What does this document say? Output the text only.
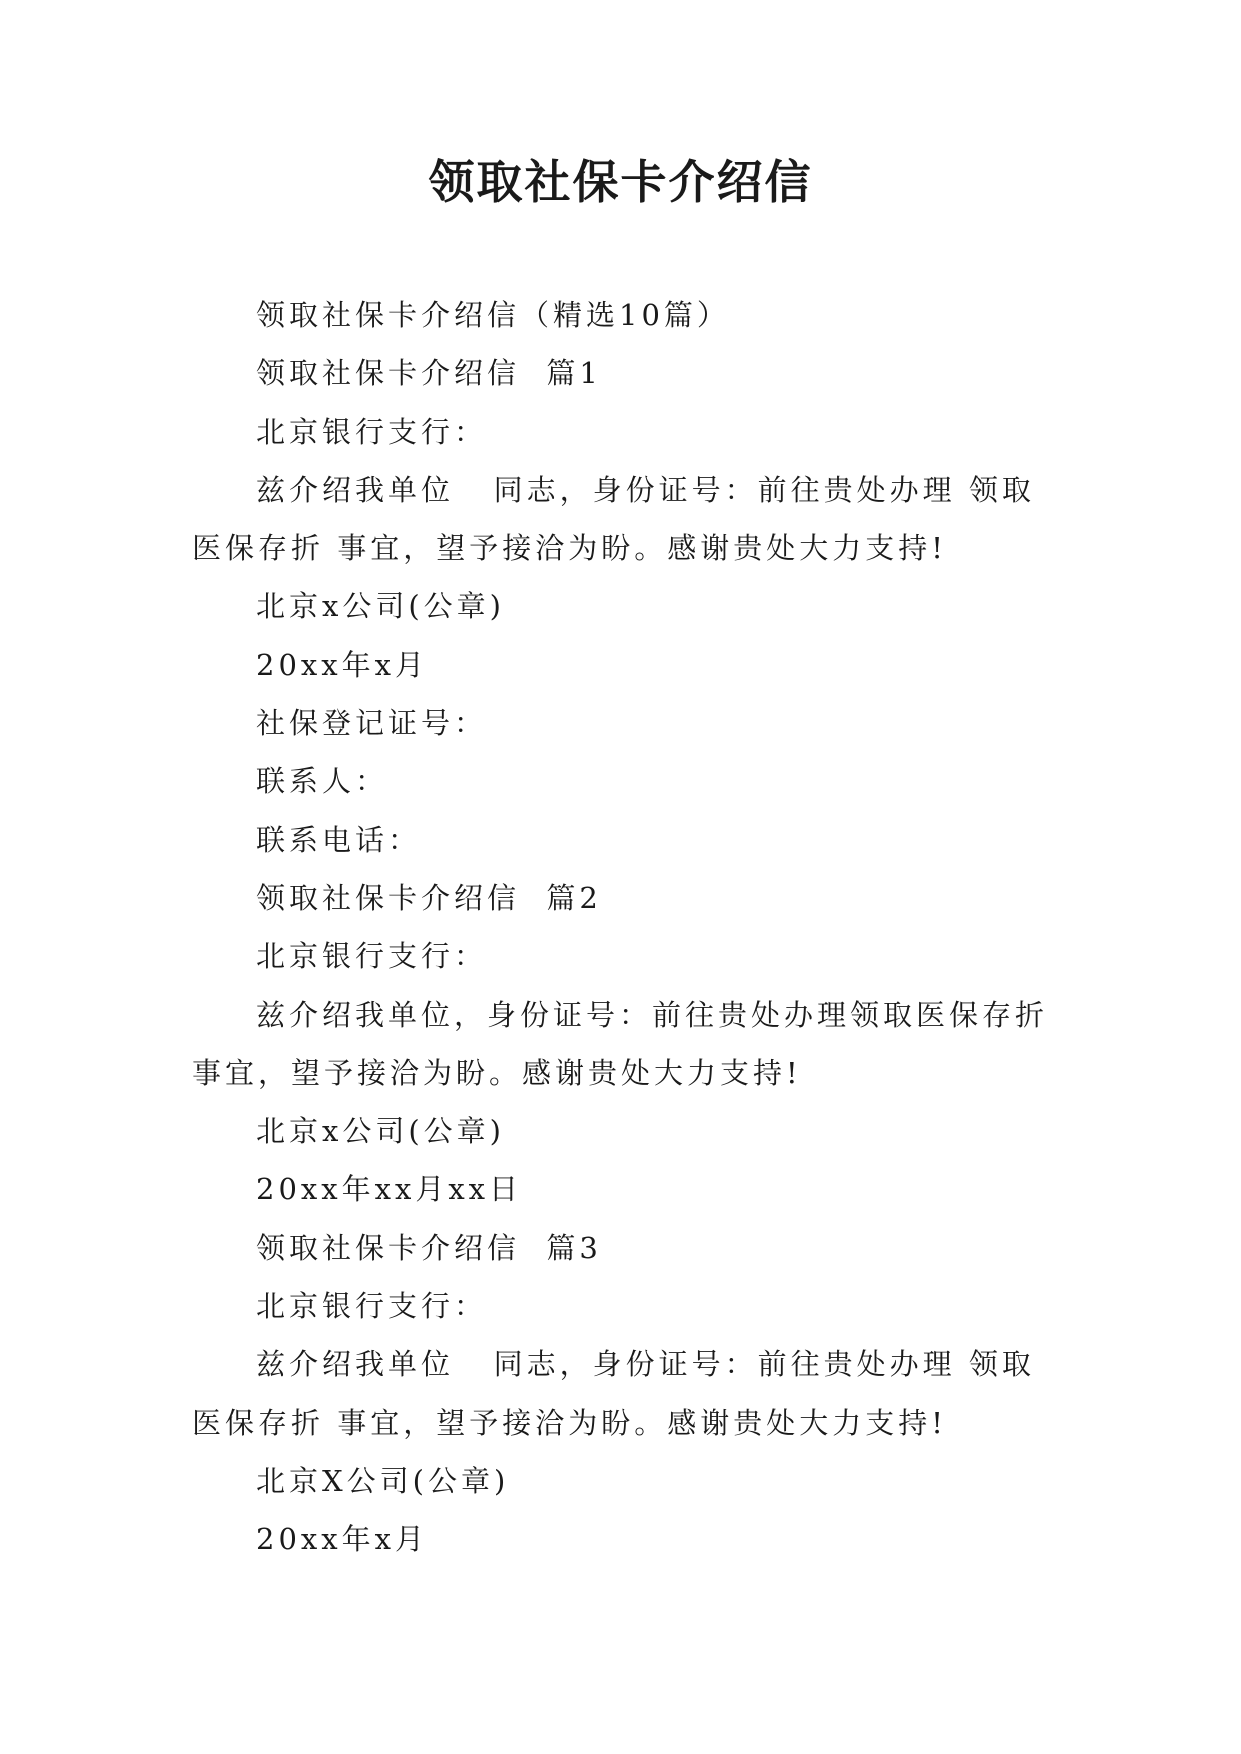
领取社保卡介绍信

领取社保卡介绍信（精选10篇）

领取社保卡介绍信  篇1

北京银行支行：

兹介绍我单位   同志，身份证号：前往贵处办理 领取
医保存折 事宜，望予接洽为盼。感谢贵处大力支持!

北京x公司(公章)

20xx年x月

社保登记证号：

联系人：

联系电话：

领取社保卡介绍信  篇2

北京银行支行：

兹介绍我单位，身份证号：前往贵处办理领取医保存折
事宜，望予接洽为盼。感谢贵处大力支持!

北京x公司(公章)

20xx年xx月xx日

领取社保卡介绍信  篇3

北京银行支行：

兹介绍我单位   同志，身份证号：前往贵处办理 领取
医保存折 事宜，望予接洽为盼。感谢贵处大力支持!

北京X公司(公章)

20xx年x月
